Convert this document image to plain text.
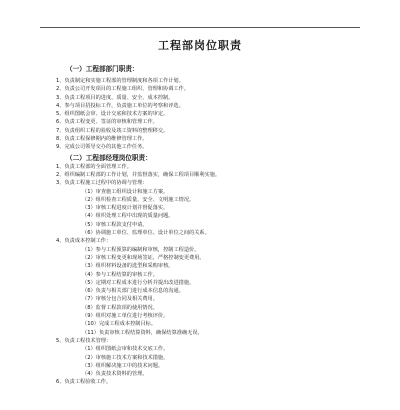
工程部岗位职责
（一）工程部部门职责：
1、负责制定和实施工程部的管理制度和各项工作计划。
2、负责公司开发项目的工程施工组织、管理和协调工作。
3、负责工程项目的进度、质量、安全、成本控制。
4、参与项目招投标工作，负责施工单位的考察和评选。
5、组织图纸会审、设计交底和技术方案的审定。
6、负责工程变更、签证的审核和管理工作。
7、负责组织工程的验收及竣工资料的整理移交。
8、负责工程保修期内的维修管理工作。
9、完成公司领导交办的其他工作任务。
（二）工程部经理岗位职责：
1、负责工程部的全面管理工作。
2、组织编制工程部的工作计划，并监督落实，确保工程项目顺利实施。
3、负责工程施工过程中的协调与管理：
（1）审查施工组织设计和施工方案。
（2）组织检查工程质量、安全、文明施工情况。
（3）审核工程进度计划并督促落实。
（4）组织处理工程中出现的质量问题。
（5）审核工程款支付申请。
（6）协调施工单位、监理单位、设计单位之间的关系。
4、负责成本控制工作：
（1）参与工程预算的编制和审核，控制工程造价。
（2）审核工程变更和现场签证，严格控制变更费用。
（3）组织材料设备的选型和采购审核。
（4）参与工程结算的审核工作。
（5）定期对工程成本进行分析并提出改进措施。
（6）负责与相关部门进行成本信息的沟通。
（7）审核分包合同及相关费用。
（8）监督工程款项的使用情况。
（9）组织对施工单位进行考核评价。
（10）完成工程成本控制目标。
（11）负责审核工程结算资料，确保结算准确无误。
5、负责工程技术管理：
（1）组织图纸会审和技术交底工作。
（2）审核施工技术方案和技术措施。
（3）组织解决施工中的技术问题。
（4）负责技术资料的管理。
6、负责工程验收工作。
